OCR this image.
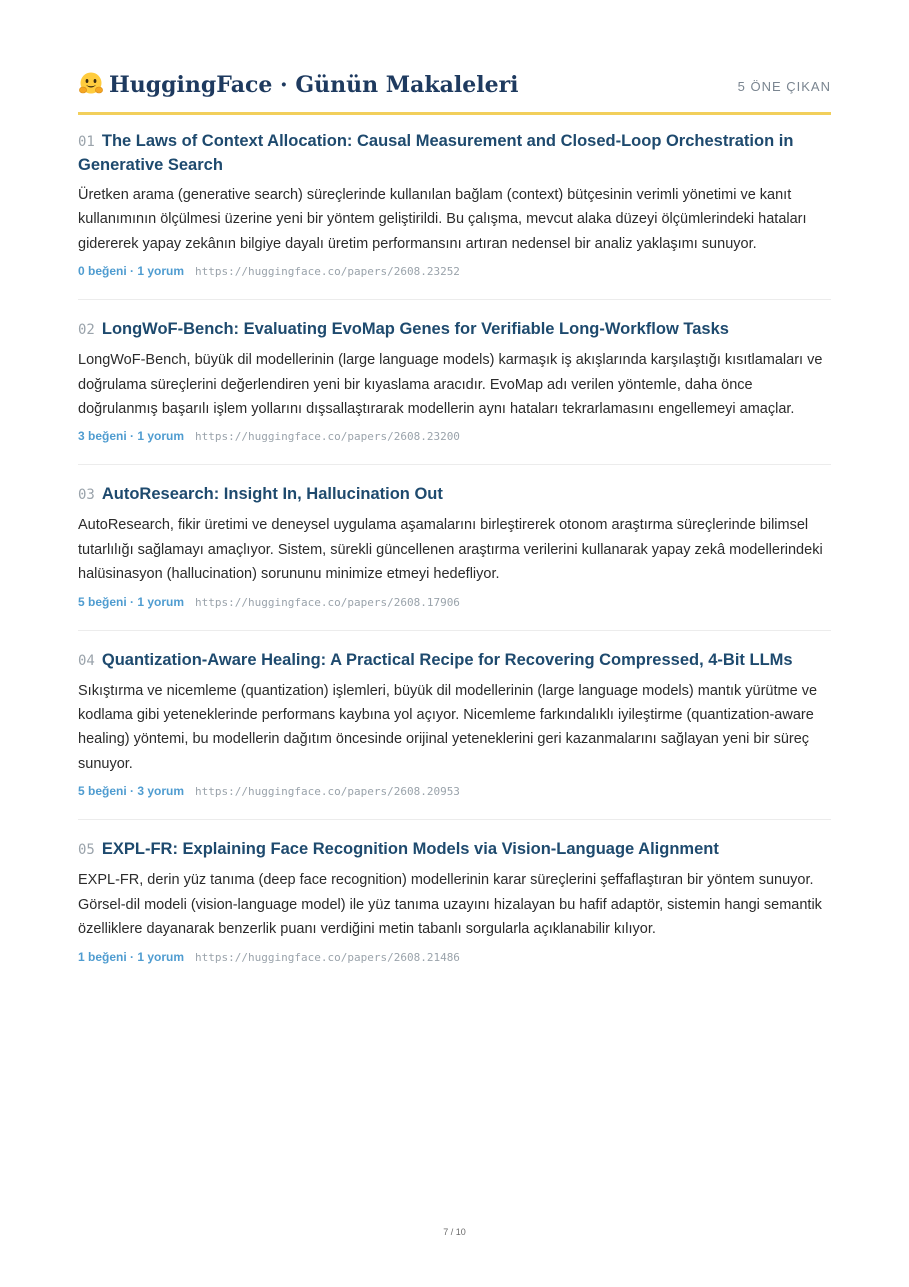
HuggingFace · Günün Makaleleri	5 ÖNE ÇIKAN
01 The Laws of Context Allocation: Causal Measurement and Closed-Loop Orchestration in Generative Search
Üretken arama (generative search) süreçlerinde kullanılan bağlam (context) bütçesinin verimli yönetimi ve kanıt kullanımının ölçülmesi üzerine yeni bir yöntem geliştirildi. Bu çalışma, mevcut alaka düzeyi ölçümlerindeki hataları gidererek yapay zekânın bilgiye dayalı üretim performansını artıran nedensel bir analiz yaklaşımı sunuyor.
0 beğeni · 1 yorum https://huggingface.co/papers/2608.23252
02 LongWoF-Bench: Evaluating EvoMap Genes for Verifiable Long-Workflow Tasks
LongWoF-Bench, büyük dil modellerinin (large language models) karmaşık iş akışlarında karşılaştığı kısıtlamaları ve doğrulama süreçlerini değerlendiren yeni bir kıyaslama aracıdır. EvoMap adı verilen yöntemle, daha önce doğrulanmış başarılı işlem yollarını dışsallaştırarak modellerin aynı hataları tekrarlamasını engellemeyi amaçlar.
3 beğeni · 1 yorum https://huggingface.co/papers/2608.23200
03 AutoResearch: Insight In, Hallucination Out
AutoResearch, fikir üretimi ve deneysel uygulama aşamalarını birleştirerek otonom araştırma süreçlerinde bilimsel tutarlılığı sağlamayı amaçlıyor. Sistem, sürekli güncellenen araştırma verilerini kullanarak yapay zekâ modellerindeki halüsinasyon (hallucination) sorununu minimize etmeyi hedefliyor.
5 beğeni · 1 yorum https://huggingface.co/papers/2608.17906
04 Quantization-Aware Healing: A Practical Recipe for Recovering Compressed, 4-Bit LLMs
Sıkıştırma ve nicemleme (quantization) işlemleri, büyük dil modellerinin (large language models) mantık yürütme ve kodlama gibi yeteneklerinde performans kaybına yol açıyor. Nicemleme farkındalıklı iyileştirme (quantization-aware healing) yöntemi, bu modellerin dağıtım öncesinde orijinal yeteneklerini geri kazanmalarını sağlayan yeni bir süreç sunuyor.
5 beğeni · 3 yorum https://huggingface.co/papers/2608.20953
05 EXPL-FR: Explaining Face Recognition Models via Vision-Language Alignment
EXPL-FR, derin yüz tanıma (deep face recognition) modellerinin karar süreçlerini şeffaflaştıran bir yöntem sunuyor. Görsel-dil modeli (vision-language model) ile yüz tanıma uzayını hizalayan bu hafif adaptör, sistemin hangi semantik özelliklere dayanarak benzerlik puanı verdiğini metin tabanlı sorgularla açıklanabilir kılıyor.
1 beğeni · 1 yorum https://huggingface.co/papers/2608.21486
7 / 10
